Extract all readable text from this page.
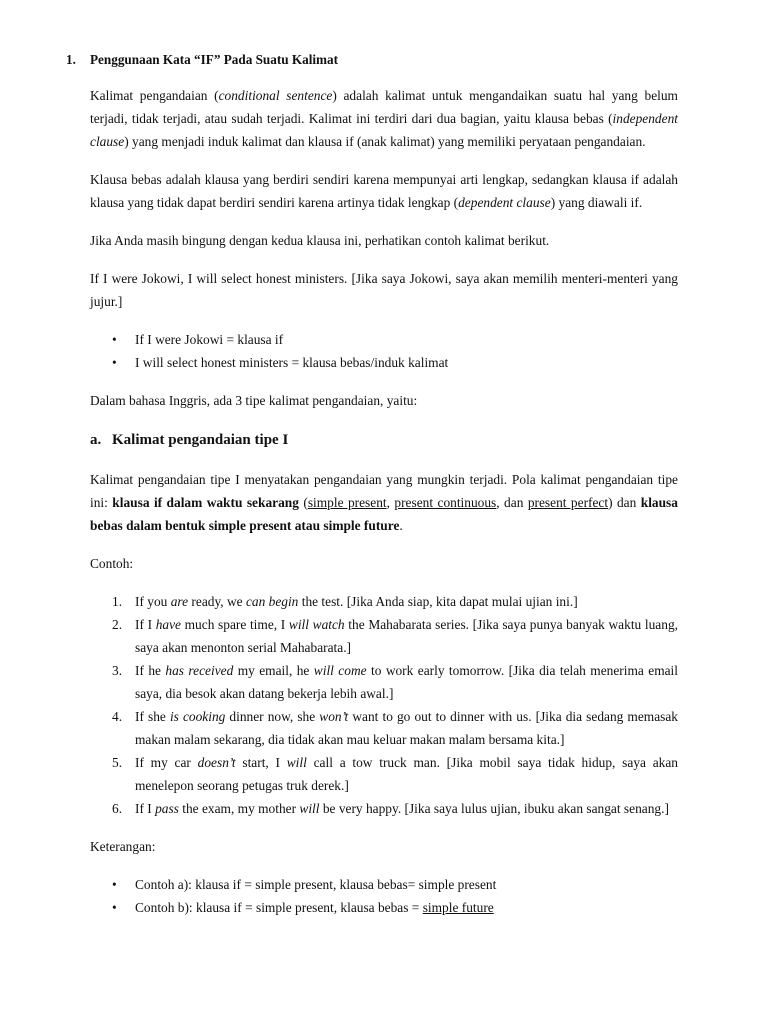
1.	Penggunaan Kata “IF” Pada Suatu Kalimat
Kalimat pengandaian (conditional sentence) adalah kalimat untuk mengandaikan suatu hal yang belum terjadi, tidak terjadi, atau sudah terjadi. Kalimat ini terdiri dari dua bagian, yaitu klausa bebas (independent clause) yang menjadi induk kalimat dan klausa if (anak kalimat) yang memiliki peryataan pengandaian.
Klausa bebas adalah klausa yang berdiri sendiri karena mempunyai arti lengkap, sedangkan klausa if adalah klausa yang tidak dapat berdiri sendiri karena artinya tidak lengkap (dependent clause) yang diawali if.
Jika Anda masih bingung dengan kedua klausa ini, perhatikan contoh kalimat berikut.
If I were Jokowi, I will select honest ministers. [Jika saya Jokowi, saya akan memilih menteri-menteri yang jujur.]
• If I were Jokowi = klausa if
• I will select honest ministers = klausa bebas/induk kalimat
Dalam bahasa Inggris, ada 3 tipe kalimat pengandaian, yaitu:
a. Kalimat pengandaian tipe I
Kalimat pengandaian tipe I menyatakan pengandaian yang mungkin terjadi. Pola kalimat pengandaian tipe ini: klausa if dalam waktu sekarang (simple present, present continuous, dan present perfect) dan klausa bebas dalam bentuk simple present atau simple future.
Contoh:
1. If you are ready, we can begin the test. [Jika Anda siap, kita dapat mulai ujian ini.]
2. If I have much spare time, I will watch the Mahabarata series. [Jika saya punya banyak waktu luang, saya akan menonton serial Mahabarata.]
3. If he has received my email, he will come to work early tomorrow. [Jika dia telah menerima email saya, dia besok akan datang bekerja lebih awal.]
4. If she is cooking dinner now, she won’t want to go out to dinner with us. [Jika dia sedang memasak makan malam sekarang, dia tidak akan mau keluar makan malam bersama kita.]
5. If my car doesn’t start, I will call a tow truck man. [Jika mobil saya tidak hidup, saya akan menelepon seorang petugas truk derek.]
6. If I pass the exam, my mother will be very happy. [Jika saya lulus ujian, ibuku akan sangat senang.]
Keterangan:
• Contoh a): klausa if = simple present, klausa bebas= simple present
• Contoh b): klausa if = simple present, klausa bebas = simple future
